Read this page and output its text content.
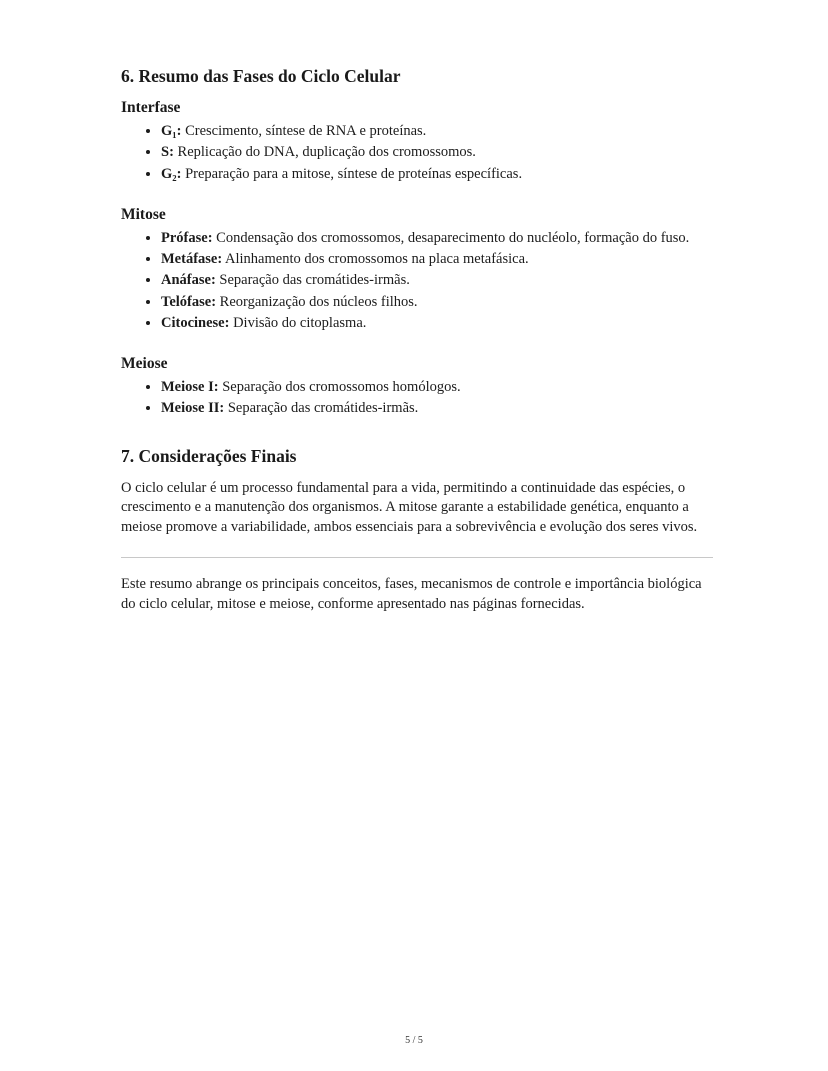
6. Resumo das Fases do Ciclo Celular
Interfase
• G₁: Crescimento, síntese de RNA e proteínas.
• S: Replicação do DNA, duplicação dos cromossomos.
• G₂: Preparação para a mitose, síntese de proteínas específicas.
Mitose
• Prófase: Condensação dos cromossomos, desaparecimento do nucléolo, formação do fuso.
• Metáfase: Alinhamento dos cromossomos na placa metafásica.
• Anáfase: Separação das cromátides-irmãs.
• Telófase: Reorganização dos núcleos filhos.
• Citocinese: Divisão do citoplasma.
Meiose
• Meiose I: Separação dos cromossomos homólogos.
• Meiose II: Separação das cromátides-irmãs.
7. Considerações Finais

O ciclo celular é um processo fundamental para a vida, permitindo a continuidade das espécies, o crescimento e a manutenção dos organismos. A mitose garante a estabilidade genética, enquanto a meiose promove a variabilidade, ambos essenciais para a sobrevivência e evolução dos seres vivos.

Este resumo abrange os principais conceitos, fases, mecanismos de controle e importância biológica do ciclo celular, mitose e meiose, conforme apresentado nas páginas fornecidas.

5 / 5
